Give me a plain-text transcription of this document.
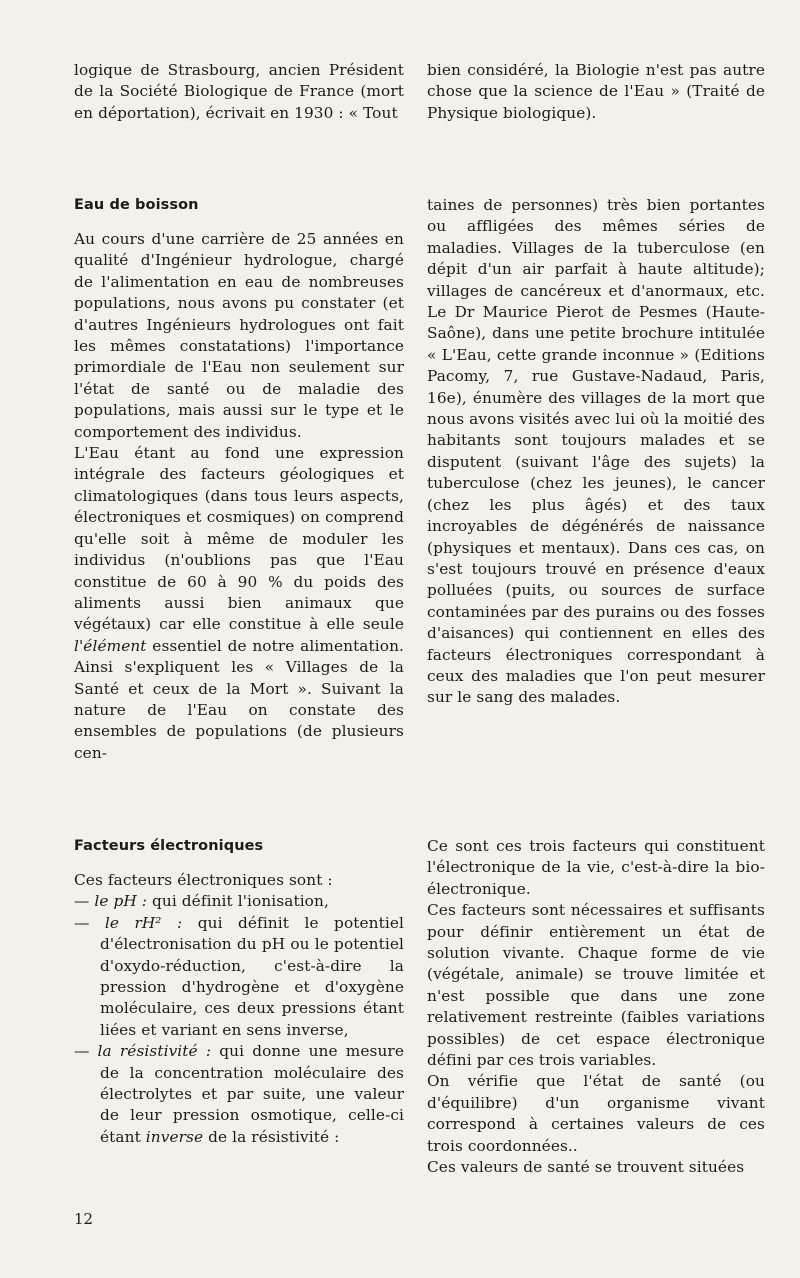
logique de Strasbourg, ancien Président de la Société Biologique de France (mort en déportation), écrivait en 1930 : « Tout

bien considéré, la Biologie n'est pas autre chose que la science de l'Eau » (Traité de Physique biologique).

Eau de boisson

Au cours d'une carrière de 25 années en qualité d'Ingénieur hydrologue, chargé de l'alimentation en eau de nombreuses populations, nous avons pu constater (et d'autres Ingénieurs hydrologues ont fait les mêmes constatations) l'importance primordiale de l'Eau non seulement sur l'état de santé ou de maladie des populations, mais aussi sur le type et le comportement des individus.

L'Eau étant au fond une expression intégrale des facteurs géologiques et climatologiques (dans tous leurs aspects, électroniques et cosmiques) on comprend qu'elle soit à même de moduler les individus (n'oublions pas que l'Eau constitue de 60 à 90 % du poids des aliments aussi bien animaux que végétaux) car elle constitue à elle seule l'élément essentiel de notre alimentation. Ainsi s'expliquent les « Villages de la Santé et ceux de la Mort ». Suivant la nature de l'Eau on constate des ensembles de populations (de plusieurs cen-

taines de personnes) très bien portantes ou affligées des mêmes séries de maladies. Villages de la tuberculose (en dépit d'un air parfait à haute altitude); villages de cancéreux et d'anormaux, etc. Le Dr Maurice Pierot de Pesmes (Haute-Saône), dans une petite brochure intitulée « L'Eau, cette grande inconnue » (Editions Pacomy, 7, rue Gustave-Nadaud, Paris, 16e), énumère des villages de la mort que nous avons visités avec lui où la moitié des habitants sont toujours malades et se disputent (suivant l'âge des sujets) la tuberculose (chez les jeunes), le cancer (chez les plus âgés) et des taux incroyables de dégénérés de naissance (physiques et mentaux). Dans ces cas, on s'est toujours trouvé en présence d'eaux polluées (puits, ou sources de surface contaminées par des purains ou des fosses d'aisances) qui contiennent en elles des facteurs électroniques correspondant à ceux des maladies que l'on peut mesurer sur le sang des malades.

Facteurs électroniques

Ces facteurs électroniques sont :

— le pH : qui définit l'ionisation,

— le rH² : qui définit le potentiel d'électronisation du pH ou le potentiel d'oxydo-réduction, c'est-à-dire la pression d'hydrogène et d'oxygène moléculaire, ces deux pressions étant liées et variant en sens inverse,

— la résistivité : qui donne une mesure de la concentration moléculaire des électrolytes et par suite, une valeur de leur pression osmotique, celle-ci étant inverse de la résistivité :

Ce sont ces trois facteurs qui constituent l'électronique de la vie, c'est-à-dire la bio-électronique.

Ces facteurs sont nécessaires et suffisants pour définir entièrement un état de solution vivante. Chaque forme de vie (végétale, animale) se trouve limitée et n'est possible que dans une zone relativement restreinte (faibles variations possibles) de cet espace électronique défini par ces trois variables.

On vérifie que l'état de santé (ou d'équilibre) d'un organisme vivant correspond à certaines valeurs de ces trois coordonnées..

Ces valeurs de santé se trouvent situées

12
